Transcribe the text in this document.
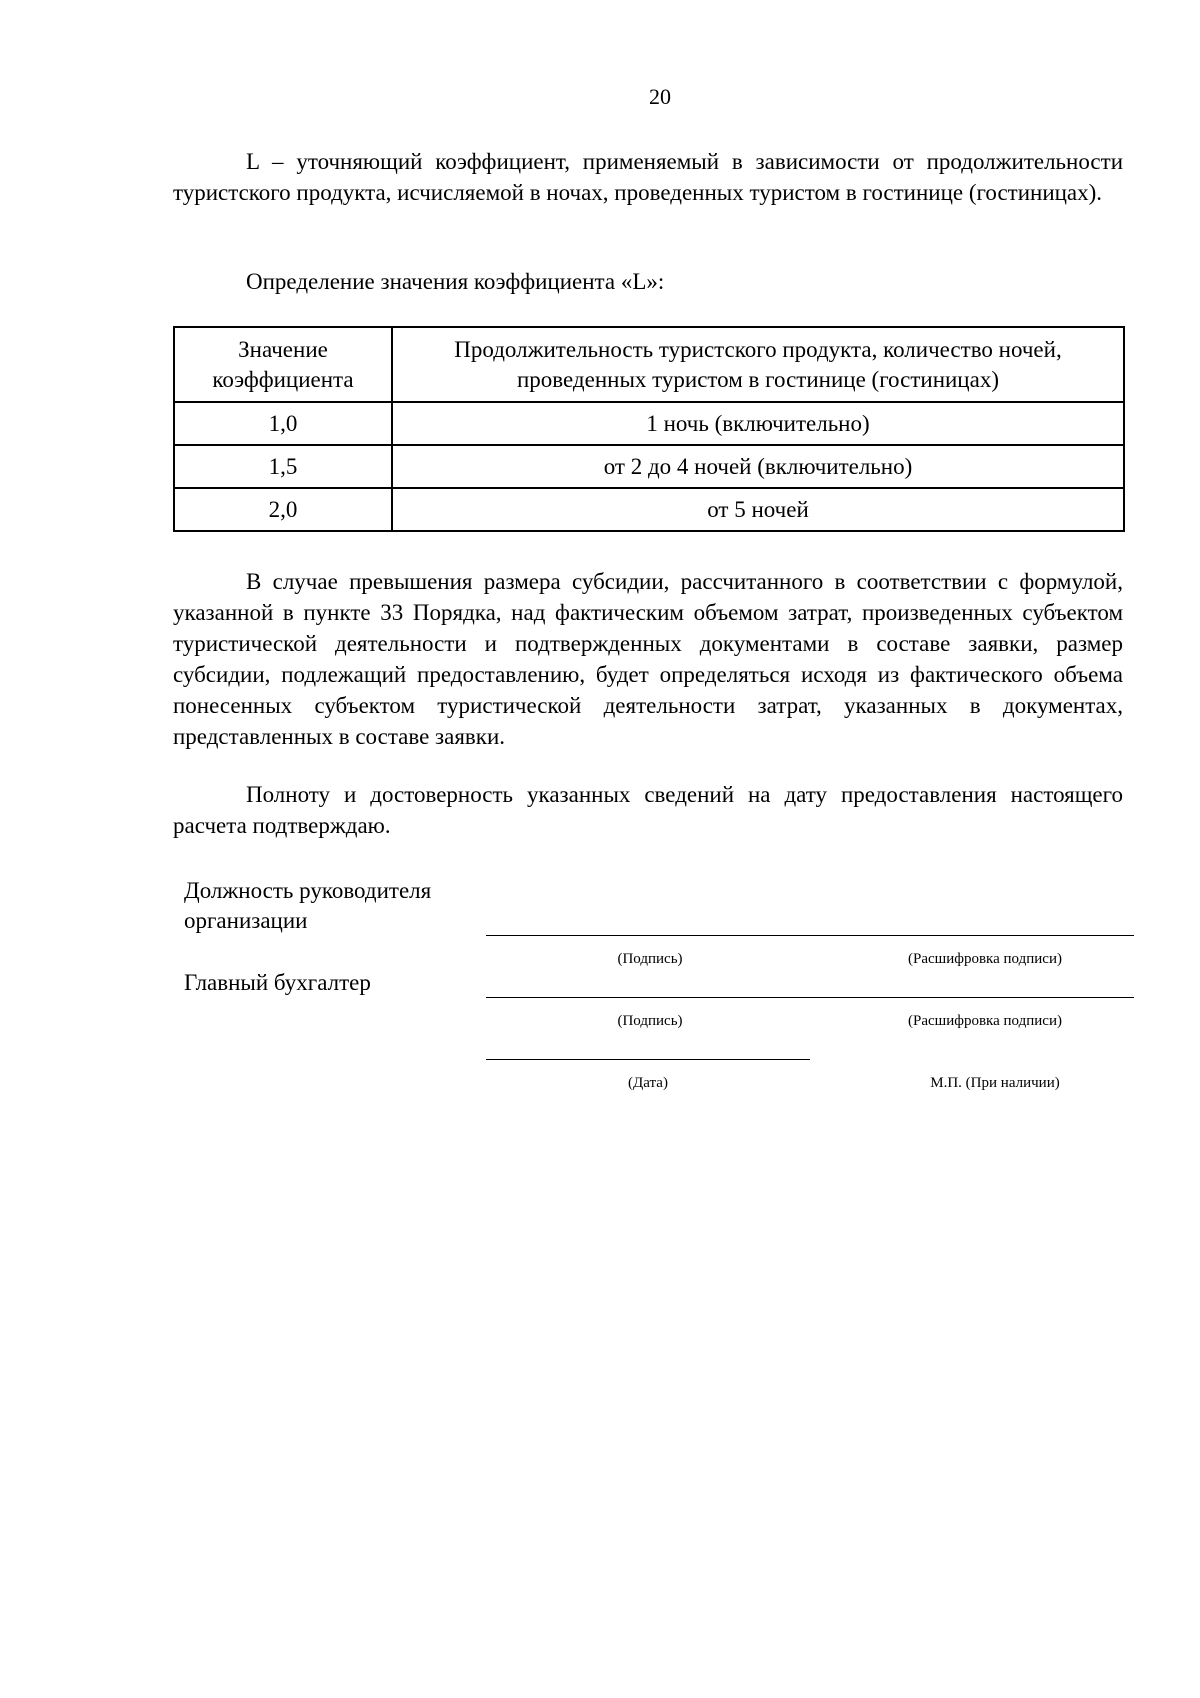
20

L – уточняющий коэффициент, применяемый в зависимости от продолжительности туристского продукта, исчисляемой в ночах, проведенных туристом в гостинице (гостиницах).

Определение значения коэффициента «L»:

Значение коэффициента	Продолжительность туристского продукта, количество ночей, проведенных туристом в гостинице (гостиницах)
1,0	1 ночь (включительно)
1,5	от 2 до 4 ночей (включительно)
2,0	от 5 ночей

В случае превышения размера субсидии, рассчитанного в соответствии с формулой, указанной в пункте 33 Порядка, над фактическим объемом затрат, произведенных субъектом туристической деятельности и подтвержденных документами в составе заявки, размер субсидии, подлежащий предоставлению, будет определяться исходя из фактического объема понесенных субъектом туристической деятельности затрат, указанных в документах, представленных в составе заявки.

Полноту и достоверность указанных сведений на дату предоставления настоящего расчета подтверждаю.

Должность руководителя организации
Главный бухгалтер
(Подпись)	(Расшифровка подписи)
(Подпись)	(Расшифровка подписи)
(Дата)	М.П. (При наличии)
